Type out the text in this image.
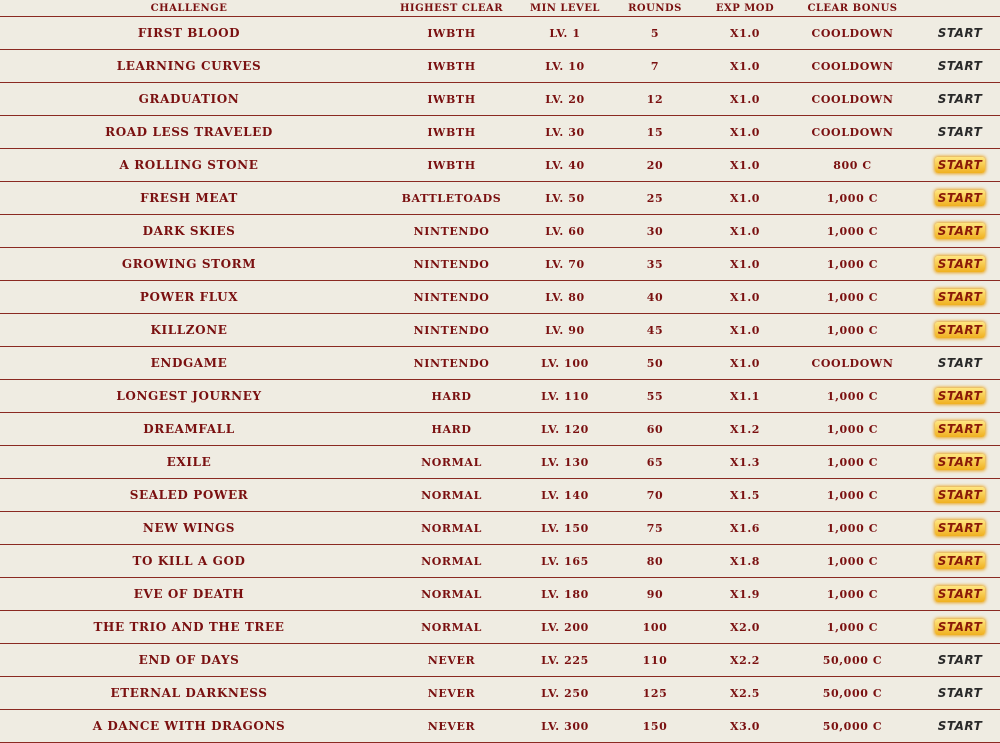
CHALLENGE	HIGHEST CLEAR	MIN LEVEL	ROUNDS	EXP MOD	CLEAR BONUS
FIRST BLOOD	IWBTH	LV. 1	5	X1.0	COOLDOWN	START
LEARNING CURVES	IWBTH	LV. 10	7	X1.0	COOLDOWN	START
GRADUATION	IWBTH	LV. 20	12	X1.0	COOLDOWN	START
ROAD LESS TRAVELED	IWBTH	LV. 30	15	X1.0	COOLDOWN	START
A ROLLING STONE	IWBTH	LV. 40	20	X1.0	800 C	START
FRESH MEAT	BATTLETOADS	LV. 50	25	X1.0	1,000 C	START
DARK SKIES	NINTENDO	LV. 60	30	X1.0	1,000 C	START
GROWING STORM	NINTENDO	LV. 70	35	X1.0	1,000 C	START
POWER FLUX	NINTENDO	LV. 80	40	X1.0	1,000 C	START
KILLZONE	NINTENDO	LV. 90	45	X1.0	1,000 C	START
ENDGAME	NINTENDO	LV. 100	50	X1.0	COOLDOWN	START
LONGEST JOURNEY	HARD	LV. 110	55	X1.1	1,000 C	START
DREAMFALL	HARD	LV. 120	60	X1.2	1,000 C	START
EXILE	NORMAL	LV. 130	65	X1.3	1,000 C	START
SEALED POWER	NORMAL	LV. 140	70	X1.5	1,000 C	START
NEW WINGS	NORMAL	LV. 150	75	X1.6	1,000 C	START
TO KILL A GOD	NORMAL	LV. 165	80	X1.8	1,000 C	START
EVE OF DEATH	NORMAL	LV. 180	90	X1.9	1,000 C	START
THE TRIO AND THE TREE	NORMAL	LV. 200	100	X2.0	1,000 C	START
END OF DAYS	NEVER	LV. 225	110	X2.2	50,000 C	START
ETERNAL DARKNESS	NEVER	LV. 250	125	X2.5	50,000 C	START
A DANCE WITH DRAGONS	NEVER	LV. 300	150	X3.0	50,000 C	START
